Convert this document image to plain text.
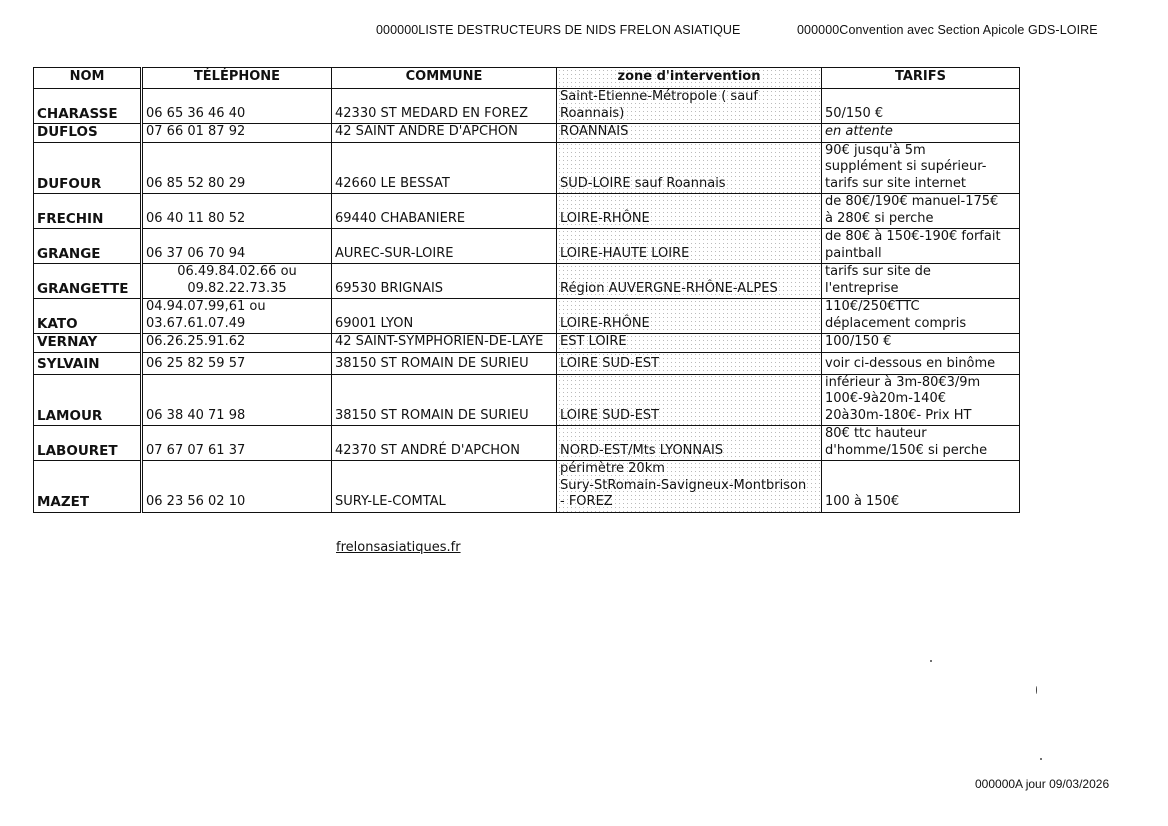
000000LISTE DESTRUCTEURS DE NIDS FRELON ASIATIQUE	000000Convention avec Section Apicole GDS-LOIRE
NOM	TÉLÉPHONE	COMMUNE	zone d'intervention	TARIFS
CHARASSE	06 65 36 46 40	42330 ST MEDARD EN FOREZ	Saint-Etienne-Métropole ( sauf
Roannais)	50/150 €
DUFLOS	07 66 01 87 92	42 SAINT ANDRE D'APCHON	ROANNAIS	en attente
DUFOUR	06 85 52 80 29	42660 LE BESSAT	SUD-LOIRE sauf Roannais	90€ jusqu'à 5m
supplément si supérieur-
tarifs sur site internet
FRECHIN	06 40 11 80 52	69440 CHABANIERE	LOIRE-RHÔNE	de 80€/190€ manuel-175€
à 280€ si perche
GRANGE	06 37 06 70 94	AUREC-SUR-LOIRE	LOIRE-HAUTE LOIRE	de 80€ à 150€-190€ forfait
paintball
GRANGETTE	06.49.84.02.66 ou
09.82.22.73.35	69530 BRIGNAIS	Région AUVERGNE-RHÔNE-ALPES	tarifs sur site de
l'entreprise
KATO	04.94.07.99,61 ou
03.67.61.07.49	69001 LYON	LOIRE-RHÔNE	110€/250€TTC
déplacement compris
VERNAY	06.26.25.91.62	42 SAINT-SYMPHORIEN-DE-LAYE	EST LOIRE	100/150 €
SYLVAIN	06 25 82 59 57	38150 ST ROMAIN DE SURIEU	LOIRE SUD-EST	voir ci-dessous en binôme
LAMOUR	06 38 40 71 98	38150 ST ROMAIN DE SURIEU	LOIRE SUD-EST	inférieur à 3m-80€3/9m
100€-9à20m-140€
20à30m-180€- Prix HT
LABOURET	07 67 07 61 37	42370 ST ANDRÉ D'APCHON	NORD-EST/Mts LYONNAIS	80€ ttc hauteur
d'homme/150€ si perche
MAZET	06 23 56 02 10	SURY-LE-COMTAL	périmètre 20km
Sury-StRomain-Savigneux-Montbrison
- FOREZ	100 à 150€
frelonsasiatiques.fr
000000A jour 09/03/2026
